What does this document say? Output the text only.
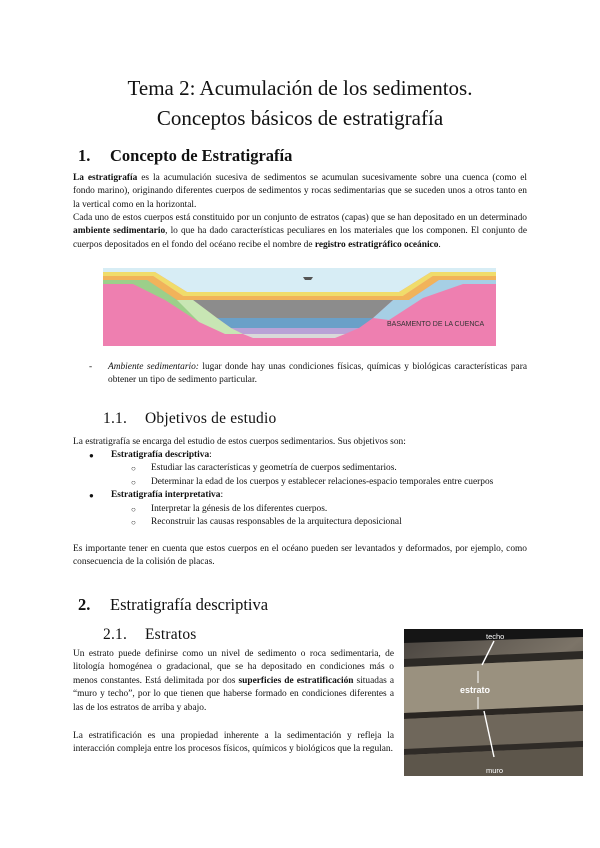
Tema 2: Acumulación de los sedimentos.
Conceptos básicos de estratigrafía
1. Concepto de Estratigrafía
La estratigrafía es la acumulación sucesiva de sedimentos se acumulan sucesivamente sobre una cuenca (como el fondo marino), originando diferentes cuerpos de sedimentos y rocas sedimentarias que se suceden unos a otros tanto en la vertical como en la horizontal.
Cada uno de estos cuerpos está constituido por un conjunto de estratos (capas) que se han depositado en un determinado ambiente sedimentario, lo que ha dado características peculiares en los materiales que los componen. El conjunto de cuerpos depositados en el fondo del océano recibe el nombre de registro estratigráfico oceánico.
BASAMENTO DE LA CUENCA
- Ambiente sedimentario: lugar donde hay unas condiciones físicas, químicas y biológicas características para obtener un tipo de sedimento particular.
1.1. Objetivos de estudio
La estratigrafía se encarga del estudio de estos cuerpos sedimentarios. Sus objetivos son:
● Estratigrafía descriptiva:
○ Estudiar las características y geometría de cuerpos sedimentarios.
○ Determinar la edad de los cuerpos y establecer relaciones-espacio temporales entre cuerpos
● Estratigrafía interpretativa:
○ Interpretar la génesis de los diferentes cuerpos.
○ Reconstruir las causas responsables de la arquitectura deposicional
Es importante tener en cuenta que estos cuerpos en el océano pueden ser levantados y deformados, por ejemplo, como consecuencia de la colisión de placas.
2. Estratigrafía descriptiva
2.1. Estratos
Un estrato puede definirse como un nivel de sedimento o roca sedimentaria, de litología homogénea o gradacional, que se ha depositado en condiciones más o menos constantes. Está delimitada por dos superficies de estratificación situadas a “muro y techo”, por lo que tienen que haberse formado en condiciones diferentes a las de los estratos de arriba y abajo.
La estratificación es una propiedad inherente a la sedimentación y refleja la interacción compleja entre los procesos físicos, químicos y biológicos que la regulan.
techo
estrato
muro
